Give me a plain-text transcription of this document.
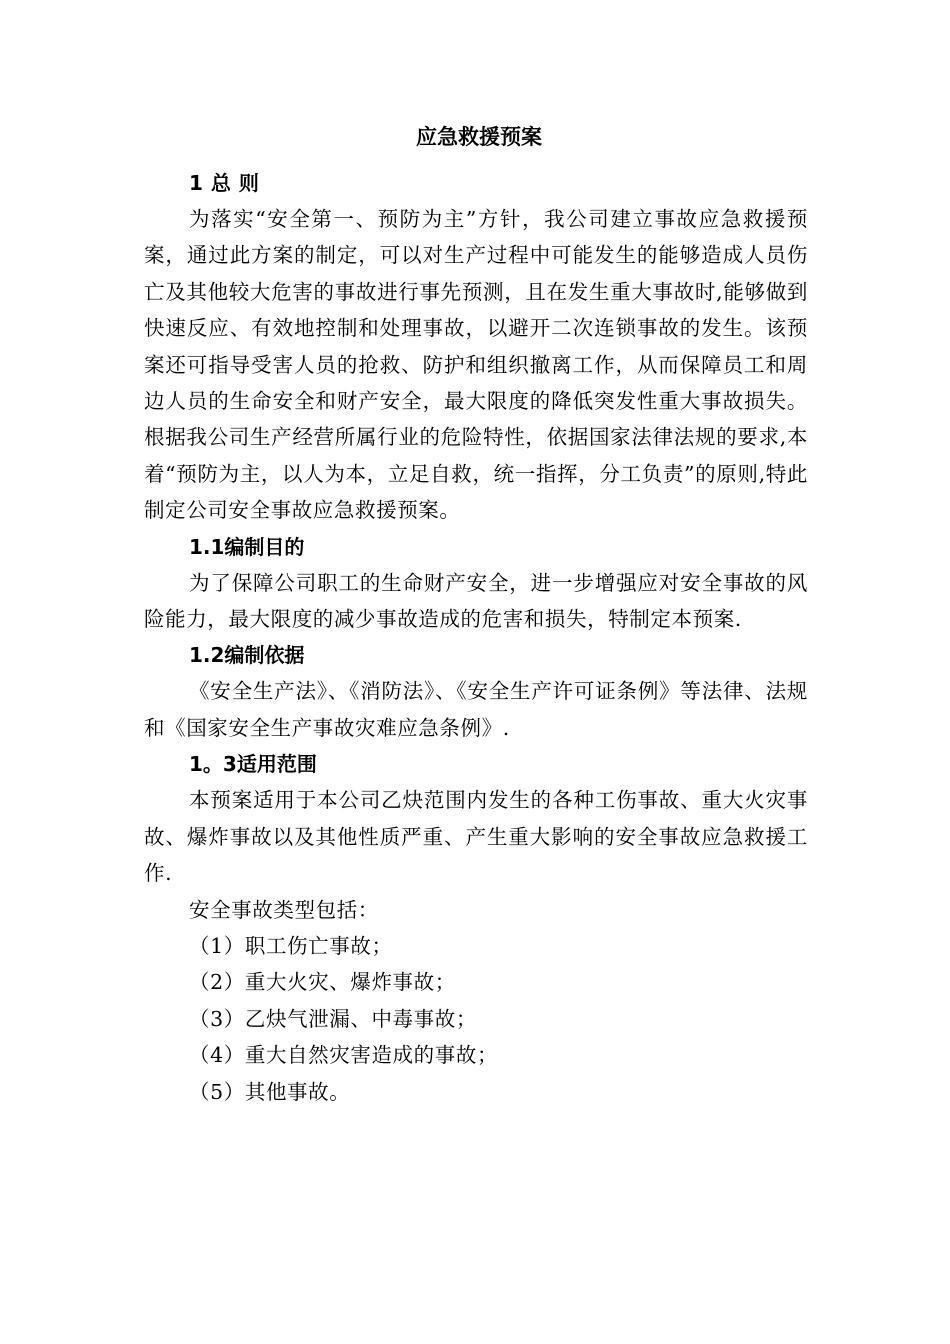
应急救援预案
1 总 则

为落实“安全第一、预防为主”方针，我公司建立事故应急救援预案，通过此方案的制定，可以对生产过程中可能发生的能够造成人员伤亡及其他较大危害的事故进行事先预测，且在发生重大事故时,能够做到快速反应、有效地控制和处理事故，以避开二次连锁事故的发生。该预案还可指导受害人员的抢救、防护和组织撤离工作，从而保障员工和周边人员的生命安全和财产安全，最大限度的降低突发性重大事故损失。根据我公司生产经营所属行业的危险特性，依据国家法律法规的要求,本着“预防为主，以人为本，立足自救，统一指挥，分工负责”的原则,特此制定公司安全事故应急救援预案。

1.1编制目的

为了保障公司职工的生命财产安全，进一步增强应对安全事故的风险能力，最大限度的减少事故造成的危害和损失，特制定本预案.

1.2编制依据

《安全生产法》、《消防法》、《安全生产许可证条例》等法律、法规和《国家安全生产事故灾难应急条例》.

1。3适用范围

本预案适用于本公司乙炔范围内发生的各种工伤事故、重大火灾事故、爆炸事故以及其他性质严重、产生重大影响的安全事故应急救援工作.

安全事故类型包括：

（1）职工伤亡事故；
（2）重大火灾、爆炸事故；
（3）乙炔气泄漏、中毒事故；
（4）重大自然灾害造成的事故；
（5）其他事故。
